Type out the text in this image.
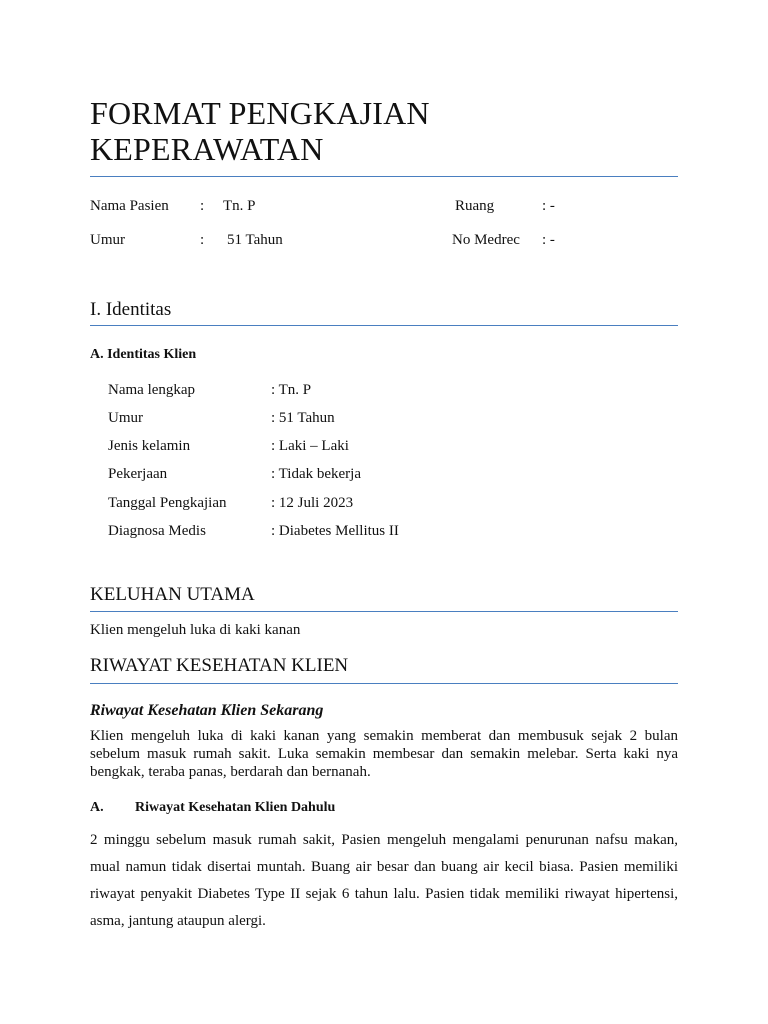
FORMAT PENGKAJIAN
KEPERAWATAN
Nama Pasien : Tn. P	Ruang	: -
Umur	: 51 Tahun	No Medrec : -
I. Identitas
A. Identitas Klien
Nama lengkap	: Tn. P
Umur	: 51 Tahun
Jenis kelamin	: Laki – Laki
Pekerjaan	: Tidak bekerja
Tanggal Pengkajian	: 12 Juli 2023
Diagnosa Medis	: Diabetes Mellitus II
KELUHAN UTAMA

Klien mengeluh luka di kaki kanan

RIWAYAT KESEHATAN KLIEN
Riwayat Kesehatan Klien Sekarang

Klien mengeluh luka di kaki kanan yang semakin memberat dan membusuk sejak 2 bulan sebelum masuk rumah sakit. Luka semakin membesar dan semakin melebar. Serta kaki nya bengkak, teraba panas, berdarah dan bernanah.

A. Riwayat Kesehatan Klien Dahulu

2 minggu sebelum masuk rumah sakit, Pasien mengeluh mengalami penurunan nafsu makan, mual namun tidak disertai muntah. Buang air besar dan buang air kecil biasa. Pasien memiliki riwayat penyakit Diabetes Type II sejak 6 tahun lalu. Pasien tidak memiliki riwayat hipertensi, asma, jantung ataupun alergi.
